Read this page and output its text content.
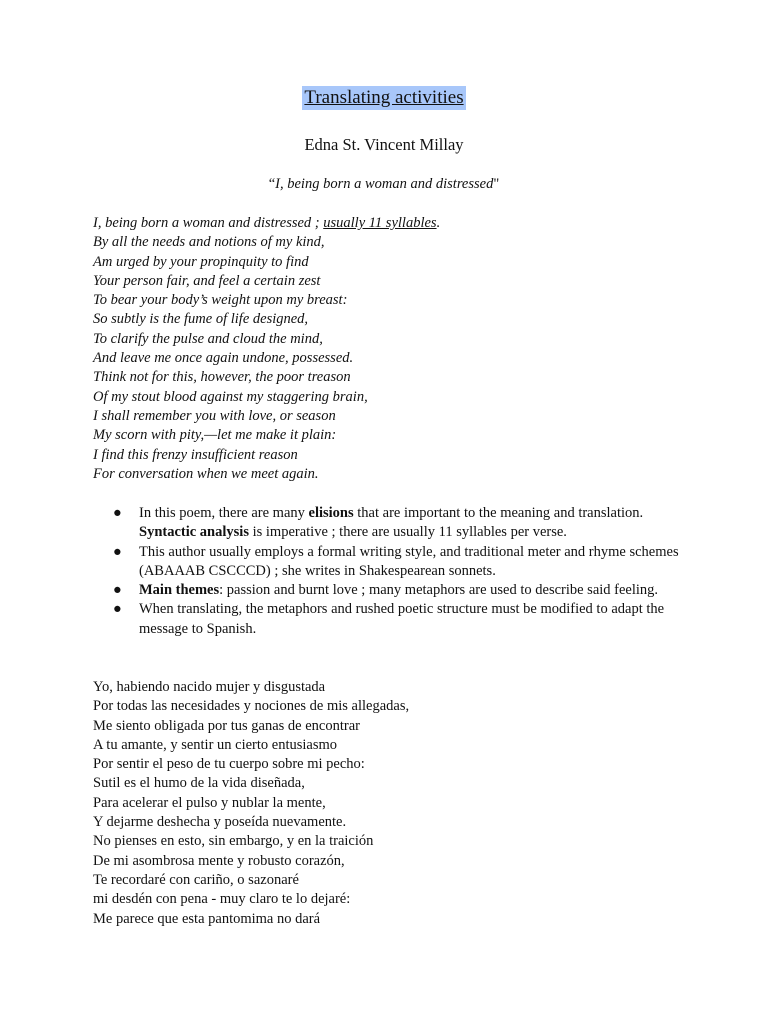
Translating activities
Edna St. Vincent Millay
“I, being born a woman and distressed"
I, being born a woman and distressed ; usually 11 syllables.
By all the needs and notions of my kind,
Am urged by your propinquity to find
Your person fair, and feel a certain zest
To bear your body’s weight upon my breast:
So subtly is the fume of life designed,
To clarify the pulse and cloud the mind,
And leave me once again undone, possessed.
Think not for this, however, the poor treason
Of my stout blood against my staggering brain,
I shall remember you with love, or season
My scorn with pity,—let me make it plain:
I find this frenzy insufficient reason
For conversation when we meet again.
● In this poem, there are many elisions that are important to the meaning and translation. Syntactic analysis is imperative ; there are usually 11 syllables per verse.
● This author usually employs a formal writing style, and traditional meter and rhyme schemes (ABAAAB CSCCCD) ; she writes in Shakespearean sonnets.
● Main themes: passion and burnt love ; many metaphors are used to describe said feeling.
● When translating, the metaphors and rushed poetic structure must be modified to adapt the message to Spanish.
Yo, habiendo nacido mujer y disgustada
Por todas las necesidades y nociones de mis allegadas,
Me siento obligada por tus ganas de encontrar
A tu amante, y sentir un cierto entusiasmo
Por sentir el peso de tu cuerpo sobre mi pecho:
Sutil es el humo de la vida diseñada,
Para acelerar el pulso y nublar la mente,
Y dejarme deshecha y poseída nuevamente.
No pienses en esto, sin embargo, y en la traición
De mi asombrosa mente y robusto corazón,
Te recordaré con cariño, o sazonaré
mi desdén con pena - muy claro te lo dejaré:
Me parece que esta pantomima no dará
